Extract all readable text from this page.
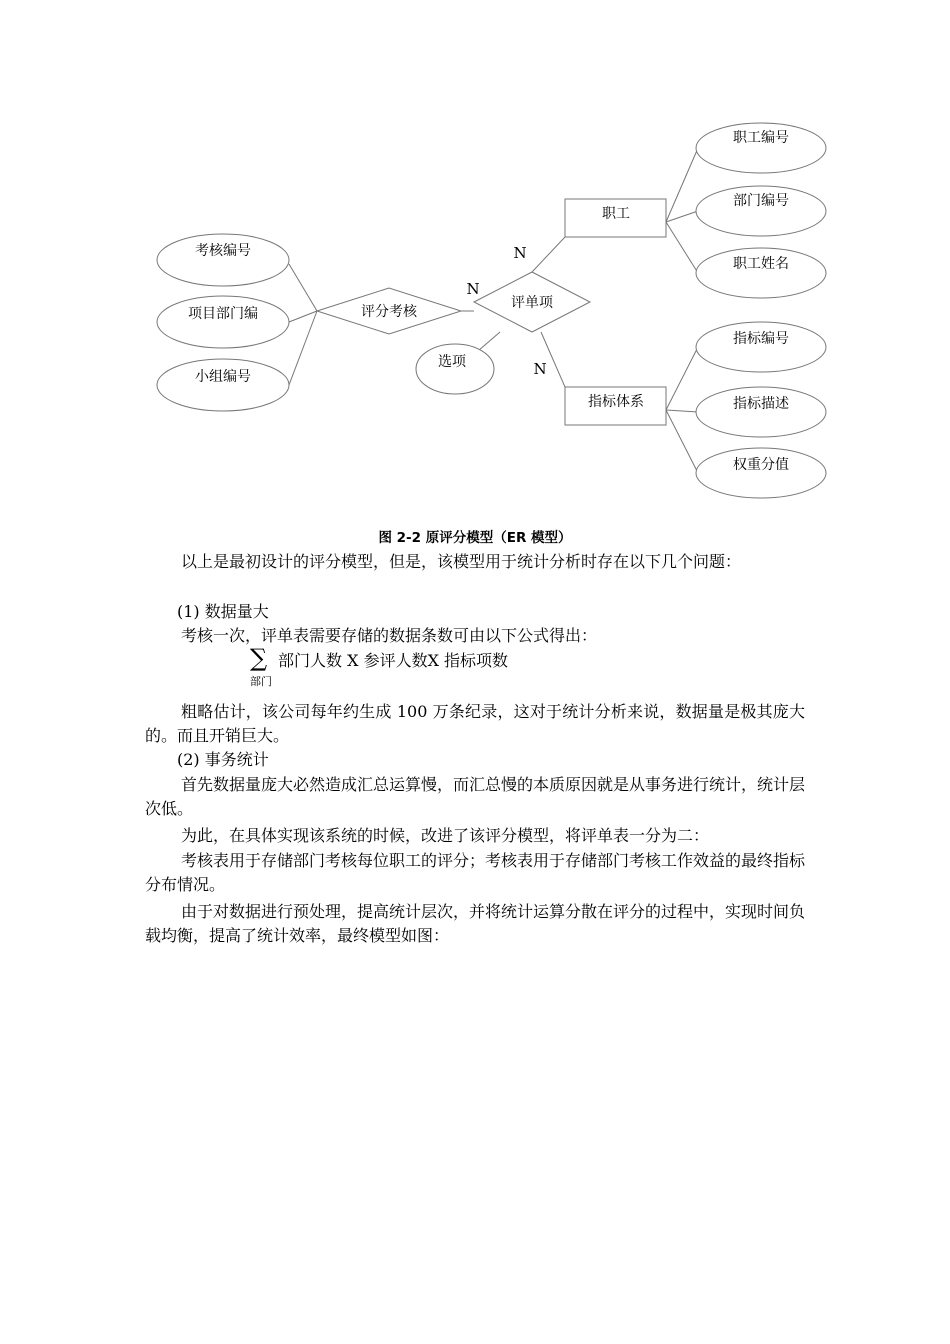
考核编号
项目部门编
小组编号
评分考核
评单项
选项
职工
指标体系
职工编号
部门编号
职工姓名
指标编号
指标描述
权重分值
N
N
N
图 2-2 原评分模型（ER 模型）

以上是最初设计的评分模型，但是，该模型用于统计分析时存在以下几个问题：

(1) 数据量大

考核一次，评单表需要存储的数据条数可由以下公式得出：

∑
部门
部门人数 X 参评人数X 指标项数

粗略估计，该公司每年约生成 100 万条纪录，这对于统计分析来说，数据量是极其庞大的。而且开销巨大。

(2) 事务统计

首先数据量庞大必然造成汇总运算慢，而汇总慢的本质原因就是从事务进行统计，统计层次低。

为此，在具体实现该系统的时候，改进了该评分模型，将评单表一分为二：

考核表用于存储部门考核每位职工的评分；考核表用于存储部门考核工作效益的最终指标分布情况。

由于对数据进行预处理，提高统计层次，并将统计运算分散在评分的过程中，实现时间负载均衡，提高了统计效率，最终模型如图：
